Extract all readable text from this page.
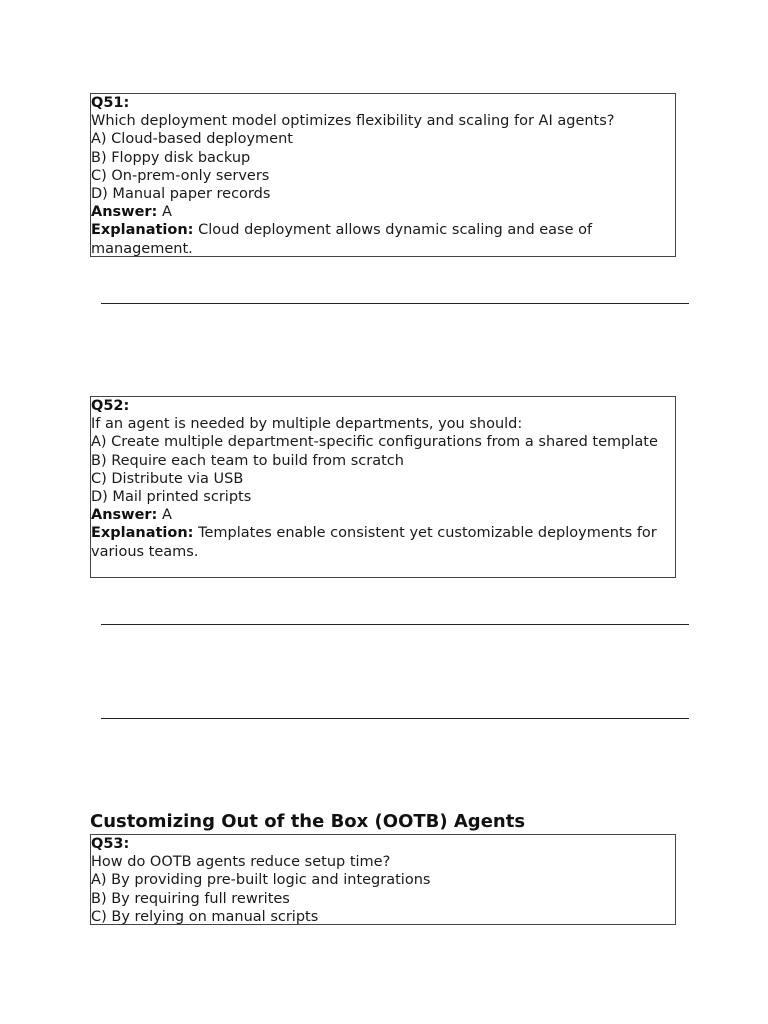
Q51:
Which deployment model optimizes flexibility and scaling for AI agents?
A) Cloud-based deployment
B) Floppy disk backup
C) On-prem-only servers
D) Manual paper records
Answer: A
Explanation: Cloud deployment allows dynamic scaling and ease of management.
Q52:
If an agent is needed by multiple departments, you should:
A) Create multiple department-specific configurations from a shared template
B) Require each team to build from scratch
C) Distribute via USB
D) Mail printed scripts
Answer: A
Explanation: Templates enable consistent yet customizable deployments for various teams.
Customizing Out of the Box (OOTB) Agents
Q53:
How do OOTB agents reduce setup time?
A) By providing pre-built logic and integrations
B) By requiring full rewrites
C) By relying on manual scripts
